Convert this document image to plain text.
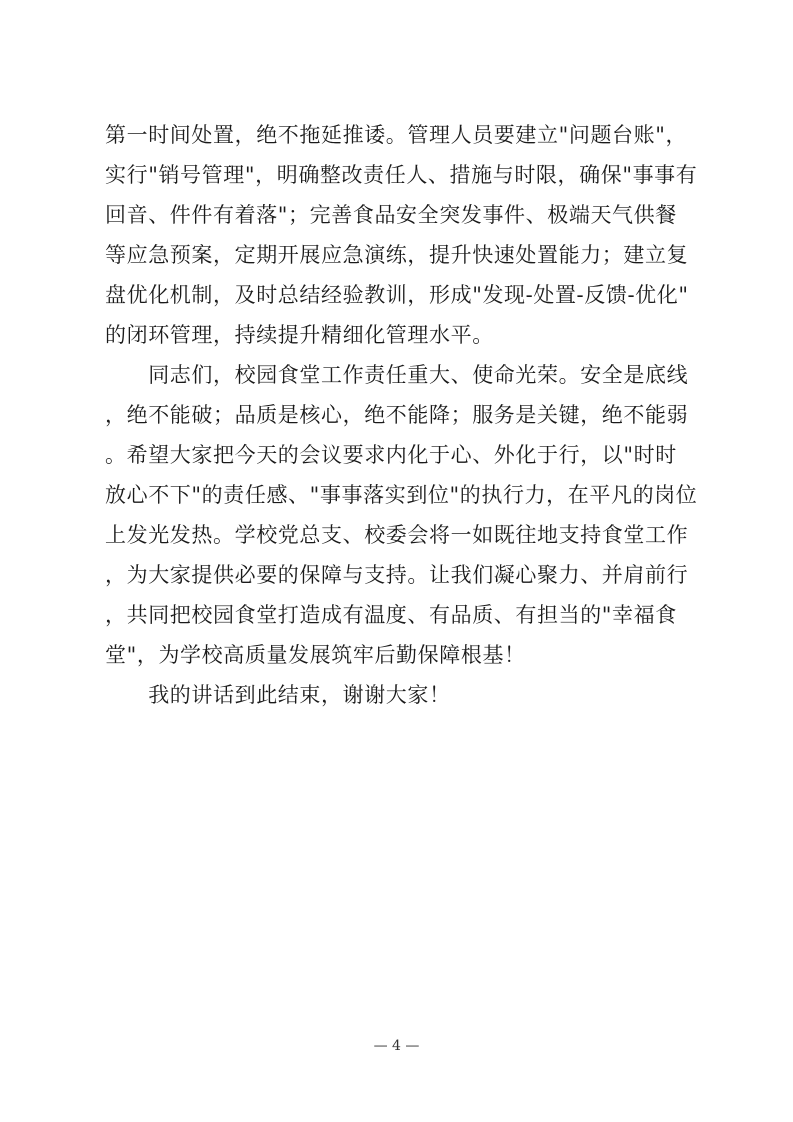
第一时间处置，绝不拖延推诿。管理人员要建立"问题台账"，
实行"销号管理"，明确整改责任人、措施与时限，确保"事事有
回音、件件有着落"；完善食品安全突发事件、极端天气供餐
等应急预案，定期开展应急演练，提升快速处置能力；建立复
盘优化机制，及时总结经验教训，形成"发现-处置-反馈-优化"
的闭环管理，持续提升精细化管理水平。
　　同志们，校园食堂工作责任重大、使命光荣。安全是底线
，绝不能破；品质是核心，绝不能降；服务是关键，绝不能弱
。希望大家把今天的会议要求内化于心、外化于行，以"时时
放心不下"的责任感、"事事落实到位"的执行力，在平凡的岗位
上发光发热。学校党总支、校委会将一如既往地支持食堂工作
，为大家提供必要的保障与支持。让我们凝心聚力、并肩前行
，共同把校园食堂打造成有温度、有品质、有担当的"幸福食
堂"，为学校高质量发展筑牢后勤保障根基！
　　我的讲话到此结束，谢谢大家！
— 4 —
